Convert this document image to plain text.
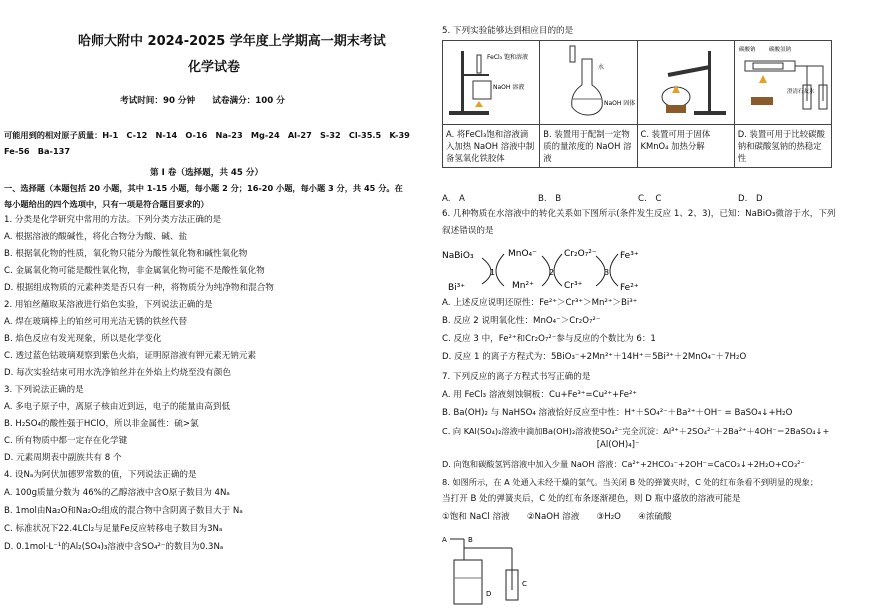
哈师大附中 2024-2025 学年度上学期高一期末考试
化学试卷
考试时间：90 分钟　　试卷满分：100 分
可能用到的相对原子质量：H-1　C-12　N-14　O-16　Na-23　Mg-24　Al-27　S-32　Cl-35.5　K-39
Fe-56　Ba-137
第 Ⅰ 卷（选择题，共 45 分）
一、选择题（本题包括 20 小题，其中 1-15 小题，每小题 2 分；16-20 小题，每小题 3 分，共 45 分。在
每小题给出的四个选项中，只有一项是符合题目要求的）
1. 分类是化学研究中常用的方法。下列分类方法正确的是
A. 根据溶液的酸碱性，将化合物分为酸、碱、盐
B. 根据氧化物的性质，氧化物只能分为酸性氧化物和碱性氧化物
C. 金属氧化物可能是酸性氧化物，非金属氧化物可能不是酸性氧化物
D. 根据组成物质的元素种类是否只有一种，将物质分为纯净物和混合物
2. 用铂丝蘸取某溶液进行焰色实验，下列说法正确的是
A. 焊在玻璃棒上的铂丝可用光洁无锈的铁丝代替
B. 焰色反应有发光现象，所以是化学变化
C. 透过蓝色钴玻璃观察到紫色火焰，证明原溶液有钾元素无钠元素
D. 每次实验结束可用水洗净铂丝并在外焰上灼烧至没有颜色
3. 下列说法正确的是
A. 多电子原子中，离原子核由近到远，电子的能量由高到低
B. H₂SO₄的酸性强于HClO，所以非金属性：硫>氯
C. 所有物质中都一定存在化学键
D. 元素周期表中副族共有 8 个
4. 设Nₐ为阿伏加德罗常数的值，下列说法正确的是
A. 100g质量分数为 46%的乙醇溶液中含O原子数目为 4Nₐ
B. 1mol由Na₂O和Na₂O₂组成的混合物中含阴离子数目大于 Nₐ
C. 标准状况下22.4LCl₂与足量Fe反应转移电子数目为3Nₐ
D. 0.1mol·L⁻¹的Al₂(SO₄)₃溶液中含SO₄²⁻的数目为0.3Nₐ
5. 下列实验能够达到相应目的的是
FeCl₃ 饱和溶液
NaOH 溶液	水
NaOH 固体		碳酸钠 碳酸氢钠
澄清石灰水

A. 将FeCl₃饱和溶液滴入加热 NaOH 溶液中制备氢氧化铁胶体	B. 装置用于配制一定物质的量浓度的 NaOH 溶液	C. 装置可用于固体 KMnO₄ 加热分解	D. 装置可用于比较碳酸钠和碳酸氢钠的热稳定性
A.　A	B.　B	C.　C	D.　D
6. 几种物质在水溶液中的转化关系如下图所示(条件发生反应 1、2、3)，已知：NaBiO₃微溶于水，下列
叙述错误的是
NaBiO₃	MnO₄⁻	Cr₂O₇²⁻	Fe³⁺
Bi³⁺	Mn²⁺	Cr³⁺	Fe²⁺
1	2	3
A. 上述反应说明还原性：Fe²⁺＞Cr³⁺＞Mn²⁺＞Bi³⁺
B. 反应 2 说明氧化性：MnO₄⁻＞Cr₂O₇²⁻
C. 反应 3 中，Fe²⁺和Cr₂O₇²⁻参与反应的个数比为 6：1
D. 反应 1 的离子方程式为：5BiO₃⁻+2Mn²⁺＋14H⁺＝5Bi³⁺＋2MnO₄⁻＋7H₂O
7. 下列反应的离子方程式书写正确的是
A. 用 FeCl₃ 溶液刻蚀铜板：Cu+Fe³⁺=Cu²⁺+Fe²⁺
B. Ba(OH)₂ 与 NaHSO₄ 溶液恰好反应至中性：H⁺＋SO₄²⁻＋Ba²⁺＋OH⁻ = BaSO₄↓+H₂O
C. 向 KAl(SO₄)₂溶液中滴加Ba(OH)₂溶液使SO₄²⁻完全沉淀：Al³⁺＋2SO₄²⁻＋2Ba²⁺＋4OH⁻＝2BaSO₄↓+
　　　　　　　　　　　　　　　　　　[Al(OH)₄]⁻
D. 向饱和碳酸氢钙溶液中加入少量 NaOH 溶液：Ca²⁺+2HCO₃⁻+2OH⁻=CaCO₃↓+2H₂O+CO₃²⁻
8. 如图所示，在 A 处通入未经干燥的氯气。当关闭 B 处的弹簧夹时，C 处的红布条看不到明显的现象；
当打开 B 处的弹簧夹后，C 处的红布条逐渐褪色，则 D 瓶中盛放的溶液可能是
①饱和 NaCl 溶液　　②NaOH 溶液　　③H₂O　　④浓硫酸
A	B
D
C
